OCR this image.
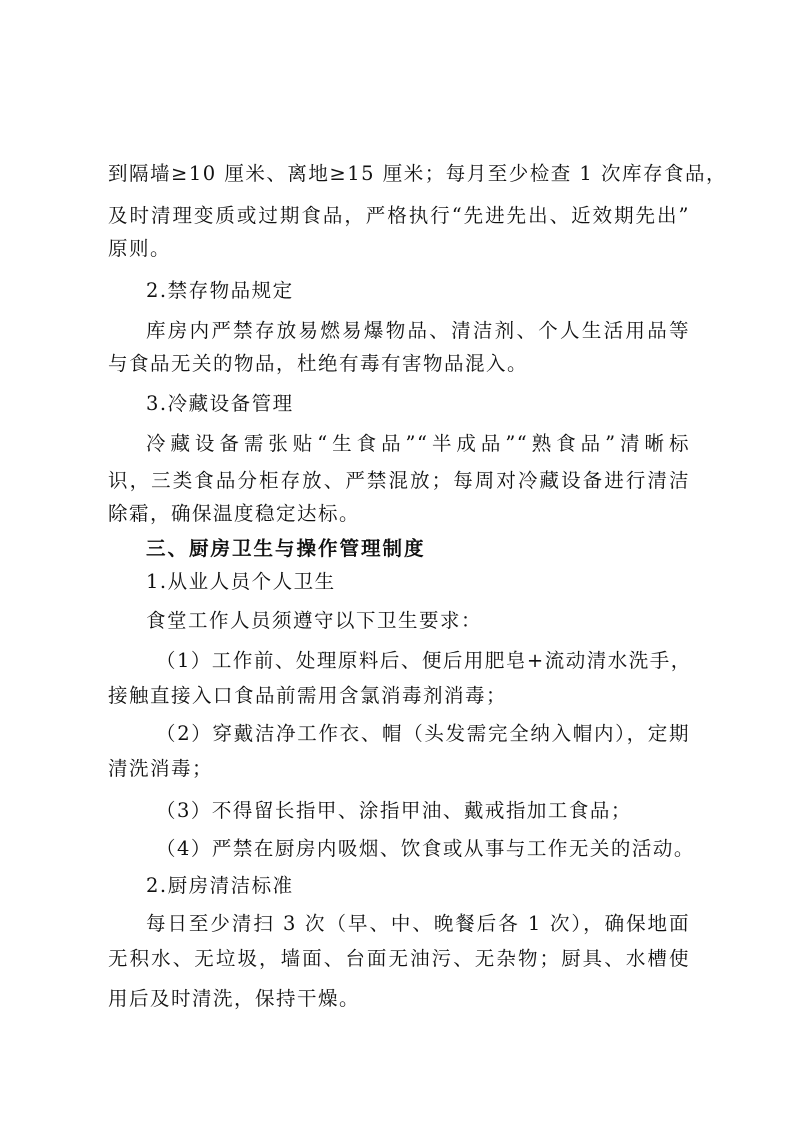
到隔墙≥10 厘米、离地≥15 厘米；每月至少检查 1 次库存食品，
及时清理变质或过期食品，严格执行“先进先出、近效期先出”
原则。
2.禁存物品规定
库房内严禁存放易燃易爆物品、清洁剂、个人生活用品等
与食品无关的物品，杜绝有毒有害物品混入。
3.冷藏设备管理
冷藏设备需张贴“生食品”“半成品”“熟食品”清晰标
识，三类食品分柜存放、严禁混放；每周对冷藏设备进行清洁
除霜，确保温度稳定达标。
三、厨房卫生与操作管理制度
1.从业人员个人卫生
食堂工作人员须遵守以下卫生要求：
（1）工作前、处理原料后、便后用肥皂+流动清水洗手，
接触直接入口食品前需用含氯消毒剂消毒；
（2）穿戴洁净工作衣、帽（头发需完全纳入帽内），定期
清洗消毒；
（3）不得留长指甲、涂指甲油、戴戒指加工食品；
（4）严禁在厨房内吸烟、饮食或从事与工作无关的活动。
2.厨房清洁标准
每日至少清扫 3 次（早、中、晚餐后各 1 次），确保地面
无积水、无垃圾，墙面、台面无油污、无杂物；厨具、水槽使
用后及时清洗，保持干燥。
